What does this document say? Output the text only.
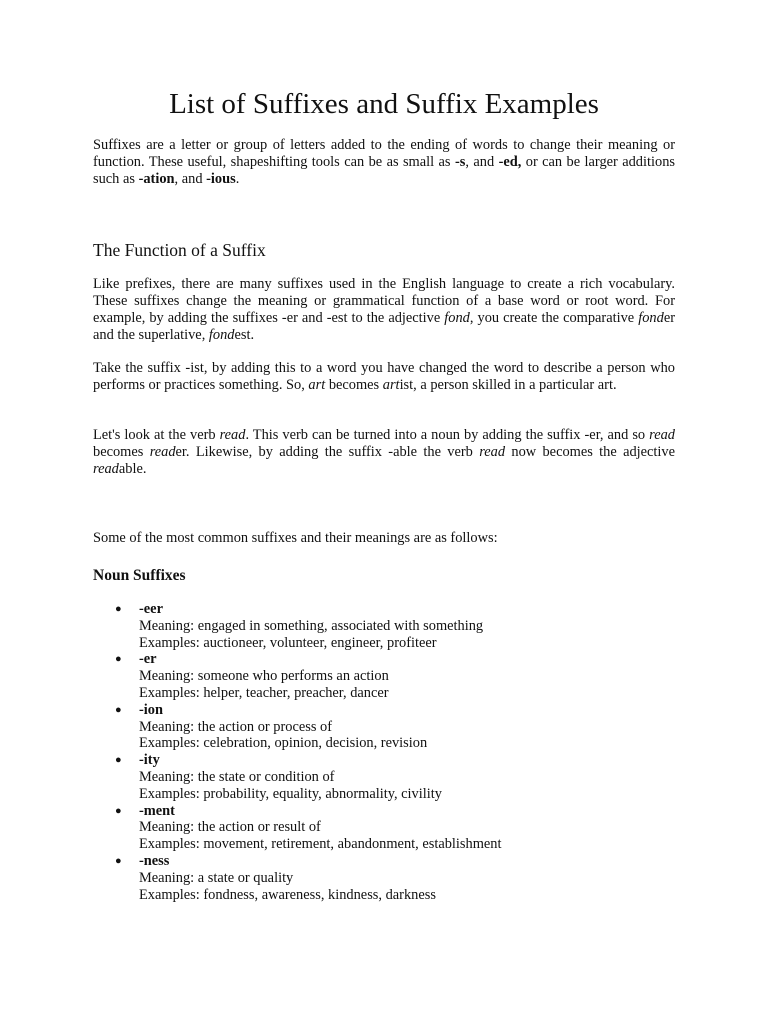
List of Suffixes and Suffix Examples

Suffixes are a letter or group of letters added to the ending of words to change their meaning or function. These useful, shapeshifting tools can be as small as -s, and -ed, or can be larger additions such as -ation, and -ious.

The Function of a Suffix

Like prefixes, there are many suffixes used in the English language to create a rich vocabulary. These suffixes change the meaning or grammatical function of a base word or root word. For example, by adding the suffixes -er and -est to the adjective fond, you create the comparative fonder and the superlative, fondest.

Take the suffix -ist, by adding this to a word you have changed the word to describe a person who performs or practices something. So, art becomes artist, a person skilled in a particular art.

Let's look at the verb read. This verb can be turned into a noun by adding the suffix -er, and so read becomes reader. Likewise, by adding the suffix -able the verb read now becomes the adjective readable.

Some of the most common suffixes and their meanings are as follows:

Noun Suffixes
● -eer
Meaning: engaged in something, associated with something
Examples: auctioneer, volunteer, engineer, profiteer
● -er
Meaning: someone who performs an action
Examples: helper, teacher, preacher, dancer
● -ion
Meaning: the action or process of
Examples: celebration, opinion, decision, revision
● -ity
Meaning: the state or condition of
Examples: probability, equality, abnormality, civility
● -ment
Meaning: the action or result of
Examples: movement, retirement, abandonment, establishment
● -ness
Meaning: a state or quality
Examples: fondness, awareness, kindness, darkness
